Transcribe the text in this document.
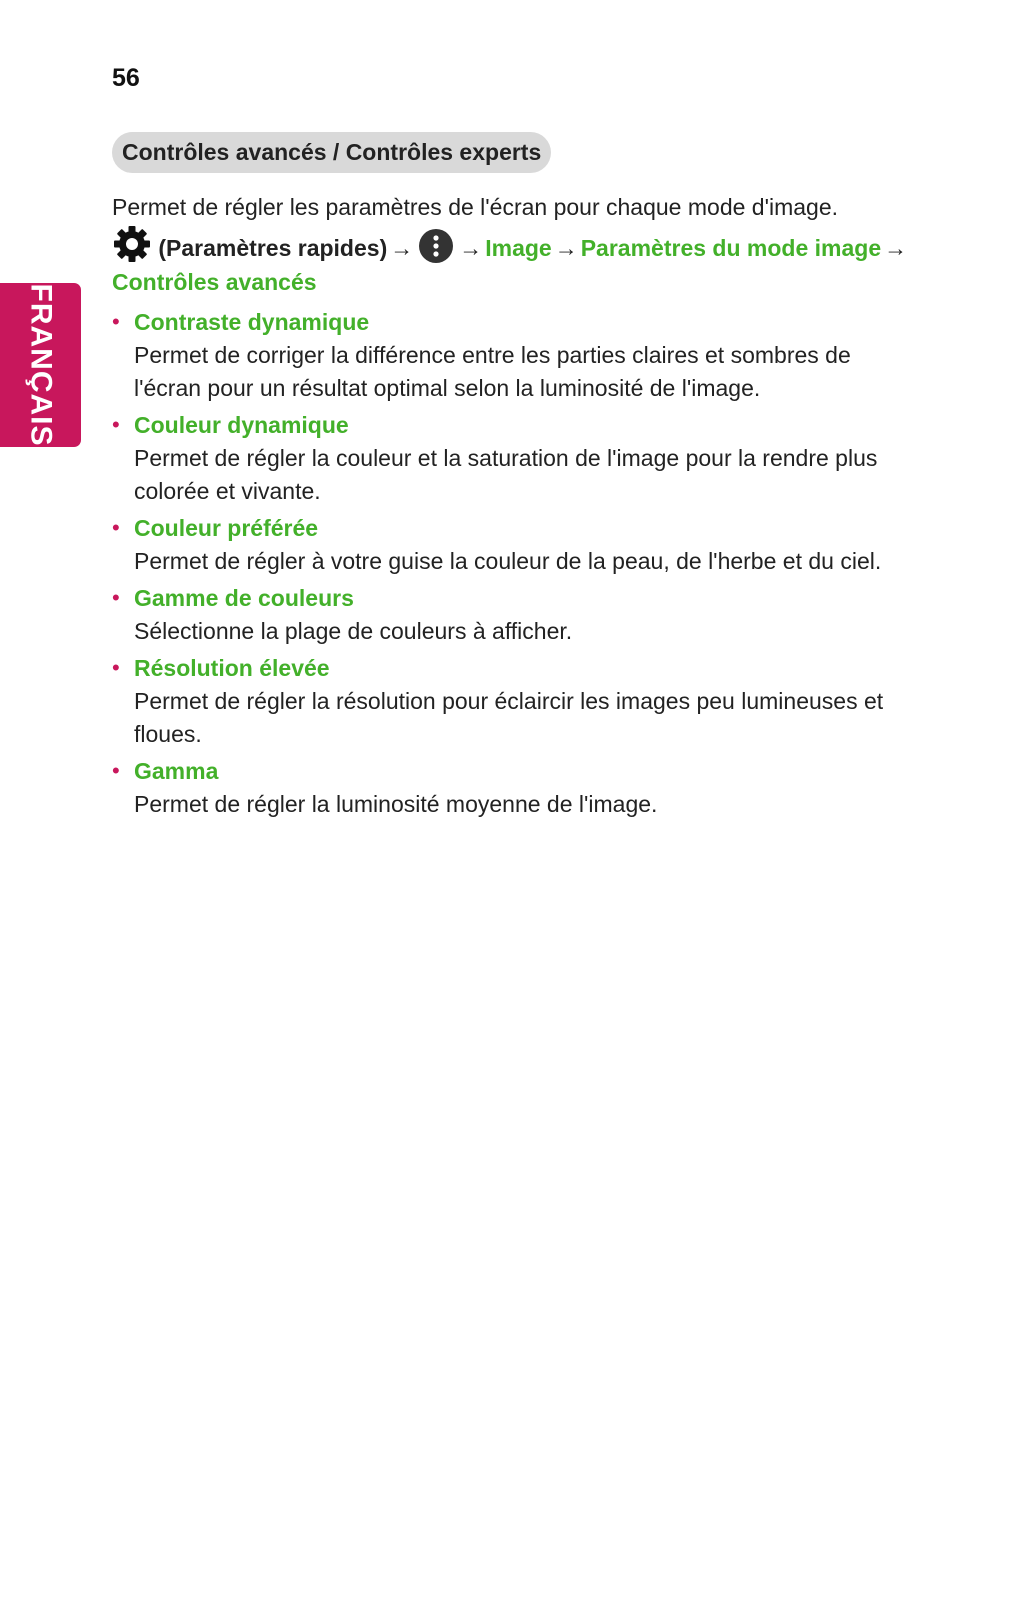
56
FRANÇAIS
Contrôles avancés / Contrôles experts
Permet de régler les paramètres de l'écran pour chaque mode d'image.
(Paramètres rapides) → → Image → Paramètres du mode image →
Contrôles avancés
• Contraste dynamique
Permet de corriger la différence entre les parties claires et sombres de l'écran pour un résultat optimal selon la luminosité de l'image.
• Couleur dynamique
Permet de régler la couleur et la saturation de l'image pour la rendre plus colorée et vivante.
• Couleur préférée
Permet de régler à votre guise la couleur de la peau, de l'herbe et du ciel.
• Gamme de couleurs
Sélectionne la plage de couleurs à afficher.
• Résolution élevée
Permet de régler la résolution pour éclaircir les images peu lumineuses et floues.
• Gamma
Permet de régler la luminosité moyenne de l'image.
